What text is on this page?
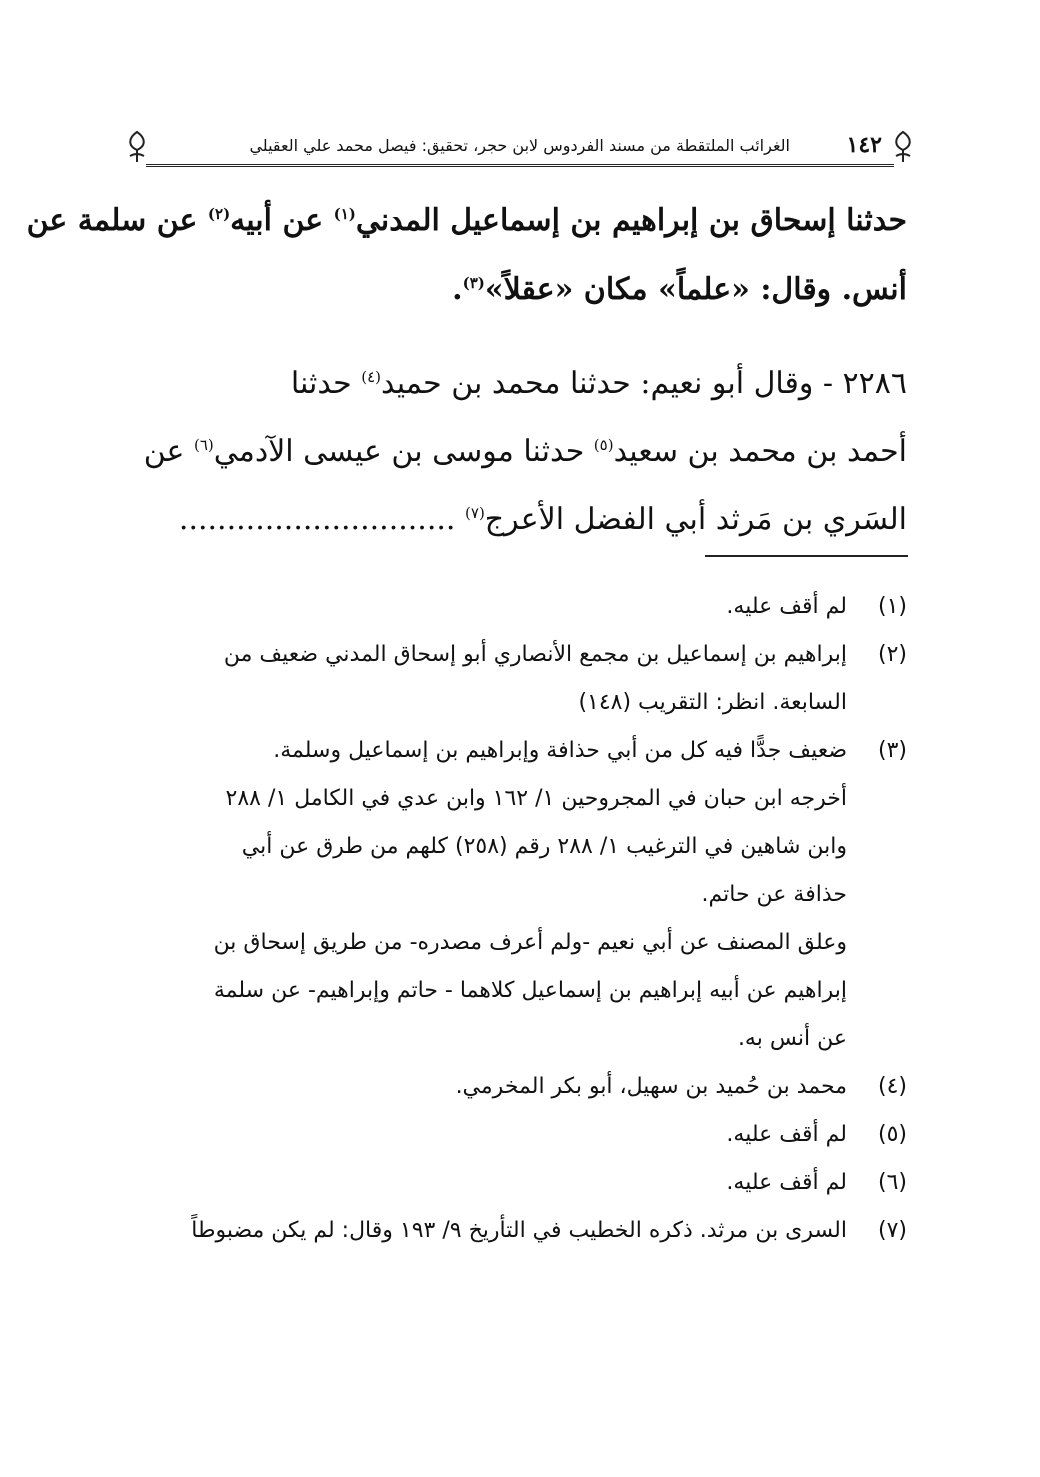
١٤٢
الغرائب الملتقطة من مسند الفردوس لابن حجر، تحقيق: فيصل محمد علي العقيلي
حدثنا إسحاق بن إبراهيم بن إسماعيل المدني$^{(١)}$ عن أبيه$^{(٢)}$ عن سلمة عن
أنس. وقال: «علماً» مكان «عقلاً»$^{(٣)}$.
٢٢٨٦ - وقال أبو نعيم: حدثنا محمد بن حميد$^{(٤)}$ حدثنا
أحمد بن محمد بن سعيد$^{(٥)}$ حدثنا موسى بن عيسى الآدمي$^{(٦)}$ عن
السَري بن مَرثد أبي الفضل الأعرج$^{(٧)}$ .............................

(١)
لم أقف عليه.

(٢)
إبراهيم بن إسماعيل بن مجمع الأنصاري أبو إسحاق المدني ضعيف من
السابعة. انظر: التقريب (١٤٨)

(٣)
ضعيف جدًّا فيه كل من أبي حذافة وإبراهيم بن إسماعيل وسلمة.

أخرجه ابن حبان في المجروحين ١/ ١٦٢ وابن عدي في الكامل ١/ ٢٨٨
وابن شاهين في الترغيب ١/ ٢٨٨ رقم (٢٥٨) كلهم من طرق عن أبي
حذافة عن حاتم.
وعلق المصنف عن أبي نعيم -ولم أعرف مصدره- من طريق إسحاق بن
إبراهيم عن أبيه إبراهيم بن إسماعيل كلاهما - حاتم وإبراهيم- عن سلمة
عن أنس به.

(٤)
محمد بن حُميد بن سهيل، أبو بكر المخرمي.

(٥)
لم أقف عليه.

(٦)
لم أقف عليه.

(٧)
السرى بن مرثد. ذكره الخطيب في التأريخ ٩/ ١٩٣ وقال: لم يكن مضبوطاً
